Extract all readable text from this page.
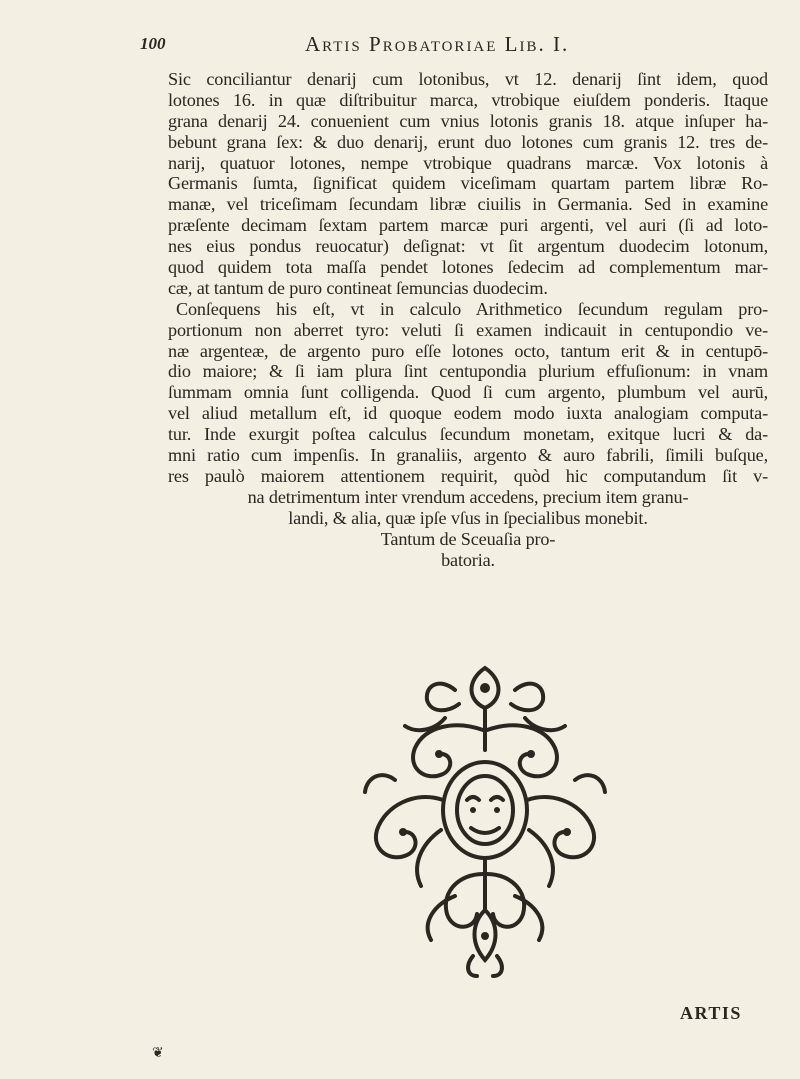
100	Artis Probatoriae Lib. I.
Sic conciliantur denarij cum lotonibus, vt 12. denarij ſint idem, quod
lotones 16. in quæ diſtribuitur marca, vtrobique eiuſdem ponderis. Itaque
grana denarij 24. conuenient cum vnius lotonis granis 18. atque inſuper ha-
bebunt grana ſex: & duo denarij, erunt duo lotones cum granis 12. tres de-
narij, quatuor lotones, nempe vtrobique quadrans marcæ. Vox lotonis à
Germanis ſumta, ſignificat quidem viceſimam quartam partem libræ Ro-
manæ, vel triceſimam ſecundam libræ ciuilis in Germania. Sed in examine
præſente decimam ſextam partem marcæ puri argenti, vel auri (ſi ad loto-
nes eius pondus reuocatur) deſignat: vt ſit argentum duodecim lotonum,
quod quidem tota maſſa pendet lotones ſedecim ad complementum mar-
cæ, at tantum de puro contineat ſemuncias duodecim.
Conſequens his eſt, vt in calculo Arithmetico ſecundum regulam pro-
portionum non aberret tyro: veluti ſi examen indicauit in centupondio ve-
næ argenteæ, de argento puro eſſe lotones octo, tantum erit & in centupō-
dio maiore; & ſi iam plura ſint centupondia plurium effuſionum: in vnam
ſummam omnia ſunt colligenda. Quod ſi cum argento, plumbum vel aurū,
vel aliud metallum eſt, id quoque eodem modo iuxta analogiam computa-
tur. Inde exurgit poſtea calculus ſecundum monetam, exitque lucri & da-
mni ratio cum impenſis. In granaliis, argento & auro fabrili, ſimili buſque,
res paulò maiorem attentionem requirit, quòd hic computandum ſit v-
na detrimentum inter vrendum accedens, precium item granu-
landi, & alia, quæ ipſe vſus in ſpecialibus monebit.
Tantum de Sceuaſia pro-
batoria.
ARTIS
❦
